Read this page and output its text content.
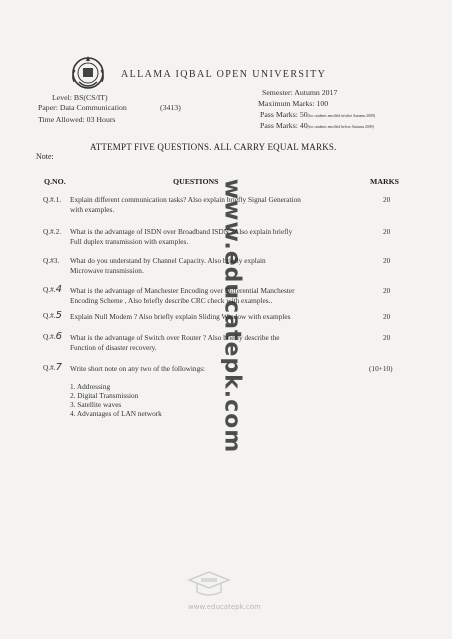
ALLAMA IQBAL OPEN UNIVERSITY
Level: BS(CS/IT)
Paper: Data Communication	(3413)
Time Allowed: 03 Hours
Semester: Autumn 2017
Maximum Marks: 100
Pass Marks: 50(for students enrolled in/after Autumn 2009)
Pass Marks: 40(for students enrolled before Autumn 2009)
Note:
ATTEMPT FIVE QUESTIONS. ALL CARRY EQUAL MARKS.
Q.NO.	QUESTIONS	MARKS
Q.#.1. Explain different communication tasks? Also explain briefly Signal Generation
with examples.
20
Q.#.2. What is the advantage of ISDN over Broadband ISDN ?Also explain briefly
Full duplex transmission with examples.
20
Q.#3. What do you understand by Channel Capacity. Also briefly explain
Microwave transmission.
20
Q.#.4 What is the advantage of Manchester Encoding over Differential Manchester
Encoding Scheme , Also briefly describe CRC check with examples..
20
Q.#.5 Explain Null Modem ? Also briefly explain Sliding Window with examples	20
Q.#.6 What is the advantage of Switch over Router ? Also briefly describe the
Function of disaster recovery.
20
Q.#.7 Write short note on any two of the followings:	(10+10)
1. Addressing
2. Digital Transmission
3. Satellite waves
4. Advantages of LAN network	www.educatepk.com
www.educatepk.com
